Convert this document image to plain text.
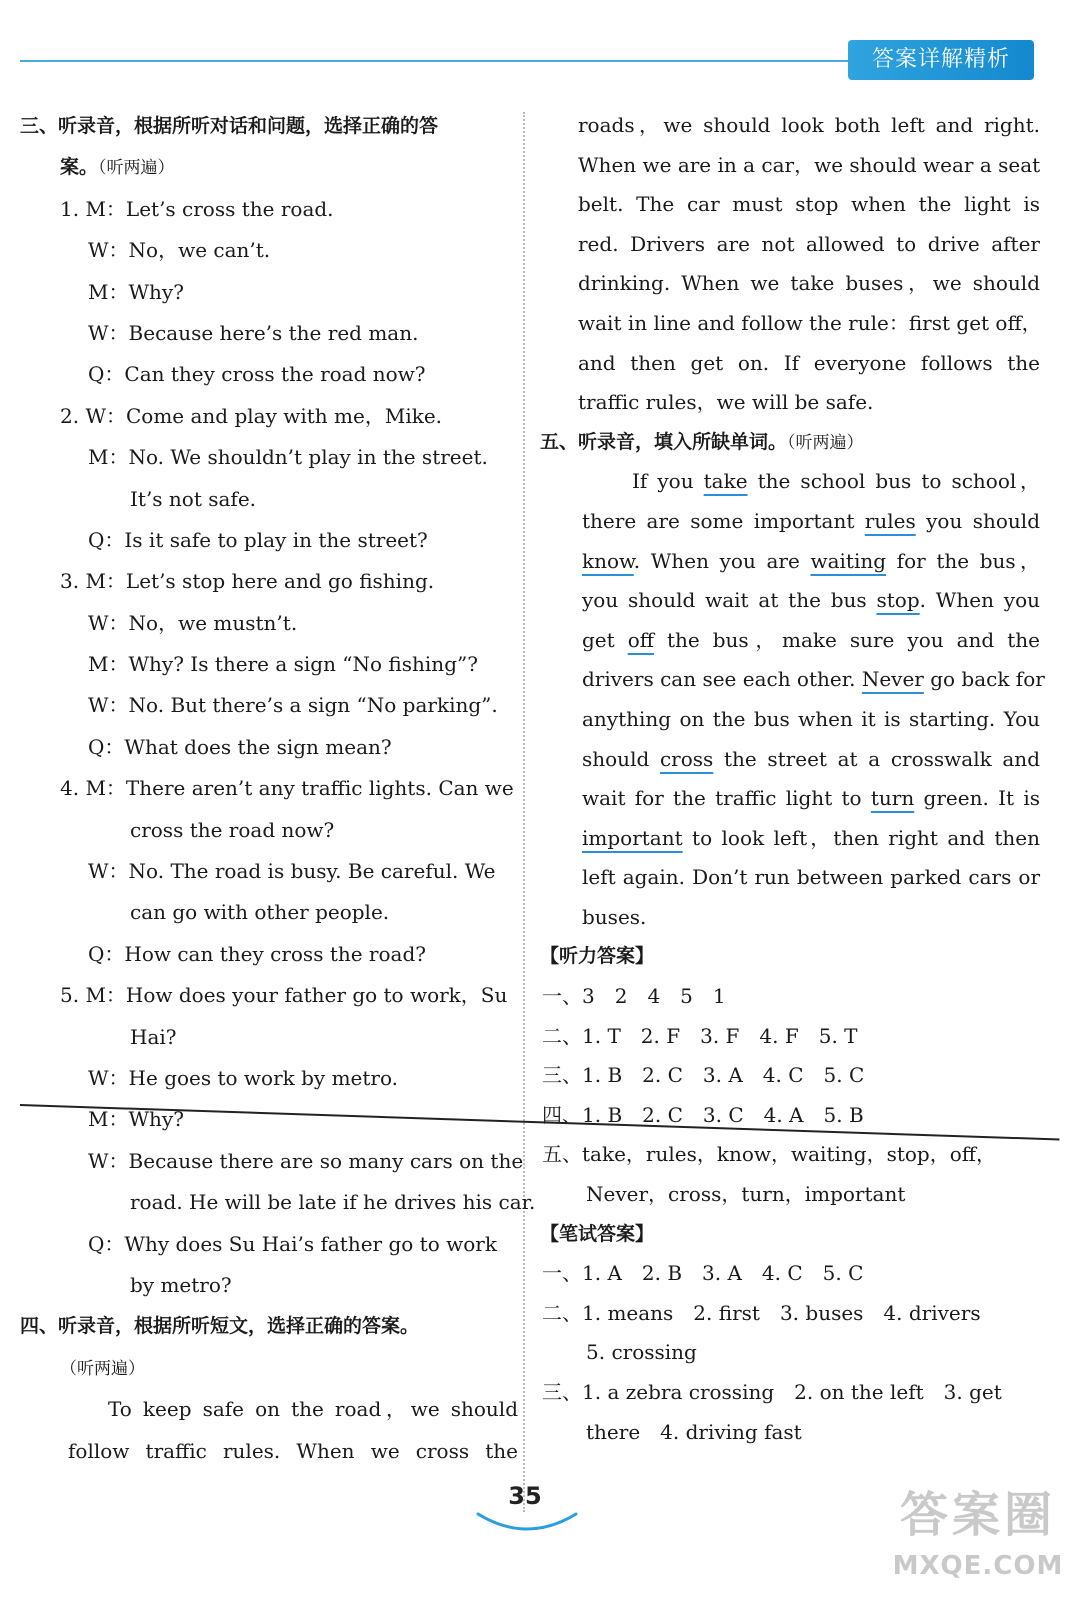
答案详解精析
三、听录音，根据所听对话和问题，选择正确的答
案。（听两遍）
1. M：Let’s cross the road.
W：No，we can’t.
M：Why?
W：Because here’s the red man.
Q：Can they cross the road now?
2. W：Come and play with me，Mike.
M：No. We shouldn’t play in the street.
It’s not safe.
Q：Is it safe to play in the street?
3. M：Let’s stop here and go fishing.
W：No，we mustn’t.
M：Why? Is there a sign “No fishing”?
W：No. But there’s a sign “No parking”.
Q：What does the sign mean?
4. M：There aren’t any traffic lights. Can we
cross the road now?
W：No. The road is busy. Be careful. We
can go with other people.
Q：How can they cross the road?
5. M：How does your father go to work，Su
Hai?
W：He goes to work by metro.
M：Why?
W：Because there are so many cars on the
road. He will be late if he drives his car.
Q：Why does Su Hai’s father go to work
by metro?
四、听录音，根据所听短文，选择正确的答案。
（听两遍）
To keep safe on the road，we should
follow traffic rules. When we cross the
roads，we should look both left and right.
When we are in a car，we should wear a seat
belt. The car must stop when the light is
red. Drivers are not allowed to drive after
drinking. When we take buses，we should
wait in line and follow the rule：first get off，
and then get on. If everyone follows the
traffic rules，we will be safe.
五、听录音，填入所缺单词。（听两遍）
If you take the school bus to school，
there are some important rules you should
know. When you are waiting for the bus，
you should wait at the bus stop. When you
get off the bus，make sure you and the
drivers can see each other. Never go back for
anything on the bus when it is starting. You
should cross the street at a crosswalk and
wait for the traffic light to turn green. It is
important to look left，then right and then
left again. Don’t run between parked cars or
buses.
【听力答案】
一、3　2　4　5　1
二、1. T　2. F　3. F　4. F　5. T
三、1. B　2. C　3. A　4. C　5. C
四、1. B　2. C　3. C　4. A　5. B
五、take，rules，know，waiting，stop，off，
Never，cross，turn，important
【笔试答案】
一、1. A　2. B　3. A　4. C　5. C
二、1. means　2. first　3. buses　4. drivers
5. crossing
三、1. a zebra crossing　2. on the left　3. get
there　4. driving fast
35	答案圈
MXQE.COM
